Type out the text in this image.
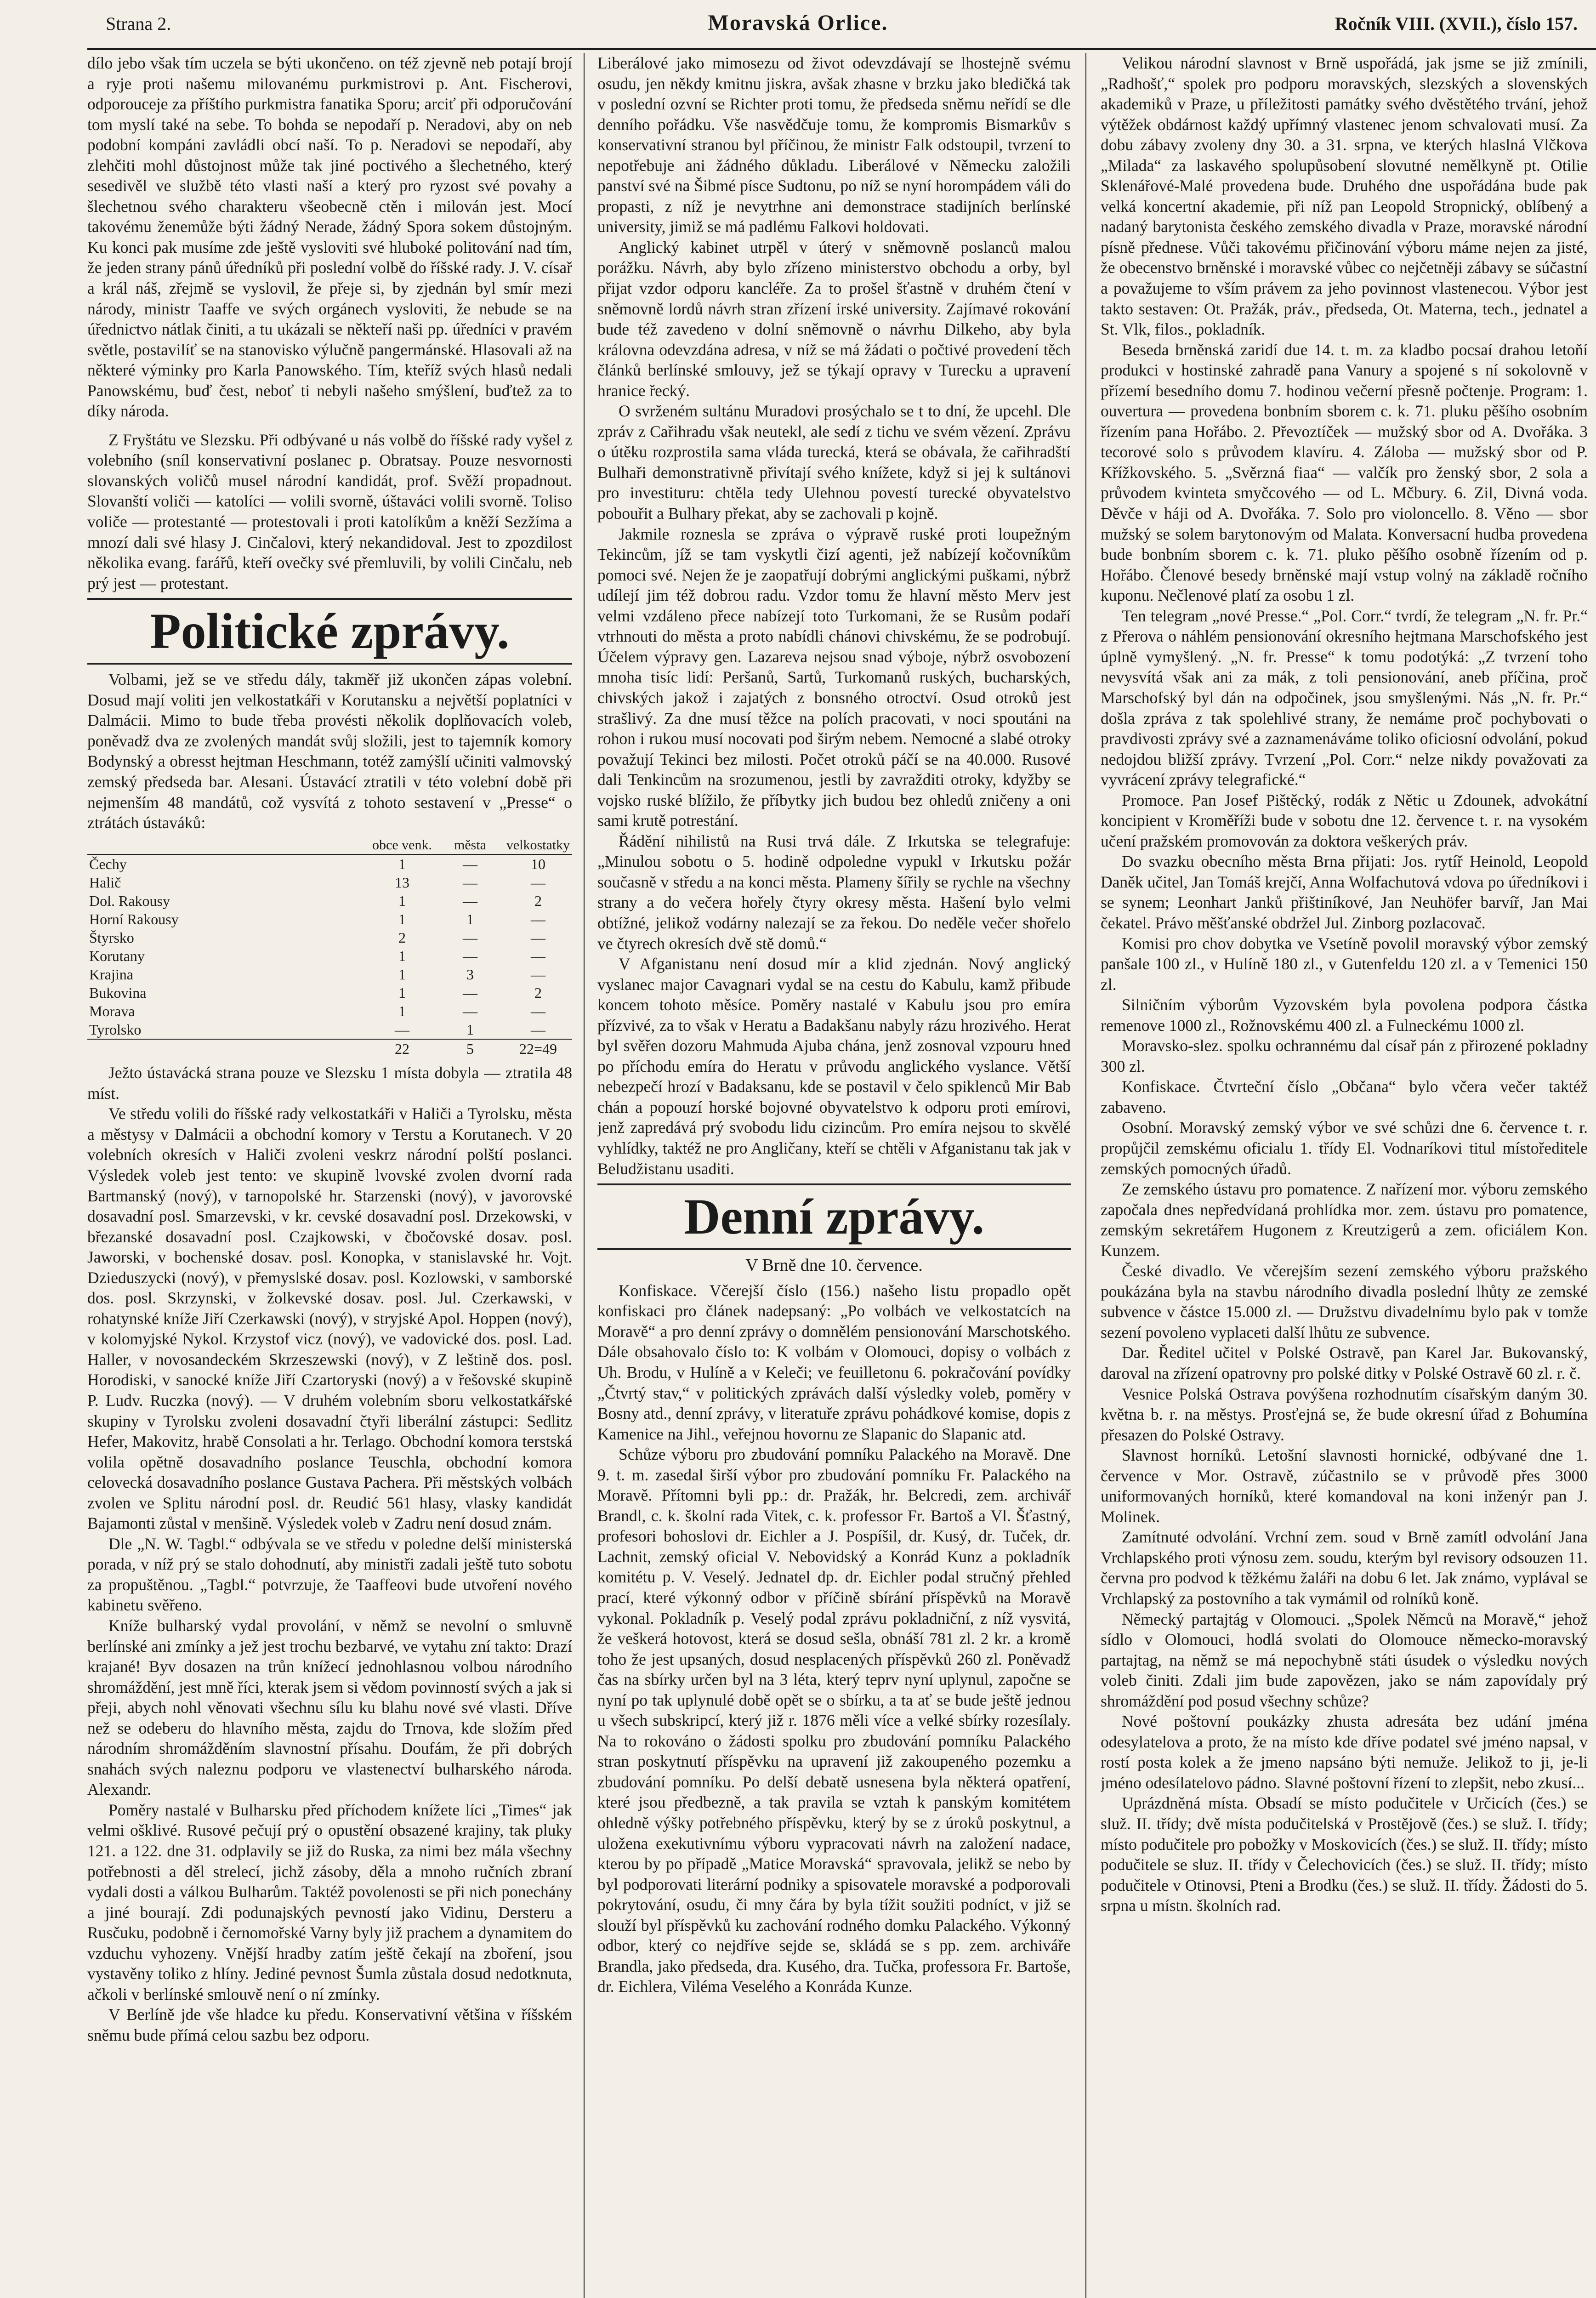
Strana 2.	Moravská Orlice.	Ročník VIII. (XVII.), číslo 157.

dílo jebo však tím uczela se býti ukončeno. on též zjevně neb potají brojí a ryje proti našemu milovanému purkmistrovi p. Ant. Fischerovi, odporouceje za příštího purkmistra fanatika Sporu; arciť při odporučování tom myslí také na sebe. To bohda se nepodaří p. Neradovi, aby on neb podobní kompáni zavládli obcí naší. To p. Neradovi se nepodaří, aby zlehčiti mohl důstojnost může tak jiné poctivého a šlechetného, který sesedivěl ve službě této vlasti naší a který pro ryzost své povahy a šlechetnou svého charakteru všeobecně ctěn i milován jest. Mocí takovému ženemůže býti žádný Nerade, žádný Spora sokem důstojným. Ku konci pak musíme zde ještě vysloviti své hluboké politování nad tím, že jeden strany pánů úředníků při poslední volbě do říšské rady. J. V. císař a král náš, zřejmě se vyslovil, že přeje si, by zjednán byl smír mezi národy, ministr Taaffe ve svých orgánech vysloviti, že nebude se na úřednictvo nátlak činiti, a tu ukázali se někteří naši pp. úředníci v pravém světle, postavilíť se na stanovisko výlučně pangermánské. Hlasovali až na některé výminky pro Karla Panowského. Tím, kteříž svých hlasů nedali Panowskému, buď čest, neboť ti nebyli našeho smýšlení, buďtež za to díky národa.

Z Fryštátu ve Slezsku. Při odbývané u nás volbě do říšské rady vyšel z volebního (sníl konservativní poslanec p. Obratsay. Pouze nesvornosti slovanských voličů musel národní kandidát, prof. Svěží propadnout. Slovanští voliči — katolíci — volili svorně, úštaváci volili svorně. Toliso voliče — protestanté — protestovali i proti katolíkům a kněží Sezžíma a mnozí dali své hlasy J. Cinčalovi, který nekandidoval. Jest to zpozdilost několika evang. farářů, kteří ovečky své přemluvili, by volili Cinčalu, neb prý jest — protestant.

Politické zprávy.

Volbami, jež se ve středu dály, takměř již ukončen zápas volební. Dosud mají voliti jen velkostatkáři v Korutansku a největší poplatníci v Dalmácii. Mimo to bude třeba provésti několik doplňovacích voleb, poněvadž dva ze zvolených mandát svůj složili, jest to tajemník komory Bodynský a obresst hejtman Heschmann, totéž zamýšlí učiniti valmovský zemský předseda bar. Alesani. Ústavácí ztratili v této volební době při nejmenším 48 mandátů, což vysvítá z tohoto sestavení v „Presse“ o ztrátách ústaváků:

	obce venk.	města	velkostatky
Čechy	1	—	10
Halič	13	—	—
Dol. Rakousy	1	—	2
Horní Rakousy	1	1	—
Štyrsko	2	—	—
Korutany	1	—	—
Krajina	1	3	—
Bukovina	1	—	2
Morava	1	—	—
Tyrolsko	—	1	—
	22	5	22=49

Ježto ústavácká strana pouze ve Slezsku 1 místa dobyla — ztratila 48 míst.

Ve středu volili do říšské rady velkostatkáři v Haliči a Tyrolsku, města a městysy v Dalmácii a obchodní komory v Terstu a Korutanech. V 20 volebních okresích v Haliči zvoleni veskrz národní polští poslanci. Výsledek voleb jest tento: ve skupině lvovské zvolen dvorní rada Bartmanský (nový), v tarnopolské hr. Starzenski (nový), v javorovské dosavadní posl. Smarzevski, v kr. cevské dosavadní posl. Drzekowski, v březanské dosavadní posl. Czajkowski, v čbočovské dosav. posl. Jaworski, v bochenské dosav. posl. Konopka, v stanislavské hr. Vojt. Dzieduszycki (nový), v přemyslské dosav. posl. Kozlowski, v samborské dos. posl. Skrzynski, v žolkevské dosav. posl. Jul. Czerkawski, v rohatynské kníže Jiří Czerkawski (nový), v stryjské Apol. Hoppen (nový), v kolomyjské Nykol. Krzystof vicz (nový), ve vadovické dos. posl. Lad. Haller, v novosandeckém Skrzeszewski (nový), v Z leštině dos. posl. Horodiski, v sanocké kníže Jiří Czartoryski (nový) a v řešovské skupině P. Ludv. Ruczka (nový). — V druhém volebním sboru velkostatkářské skupiny v Tyrolsku zvoleni dosavadní čtyři liberální zástupci: Sedlitz Hefer, Makovitz, hrabě Consolati a hr. Terlago. Obchodní komora terstská volila opětně dosavadního poslance Teuschla, obchodní komora celovecká dosavadního poslance Gustava Pachera. Při městských volbách zvolen ve Splitu národní posl. dr. Reudić 561 hlasy, vlasky kandidát Bajamonti zůstal v menšině. Výsledek voleb v Zadru není dosud znám.

Dle „N. W. Tagbl.“ odbývala se ve středu v poledne delší ministerská porada, v níž prý se stalo dohodnutí, aby ministři zadali ještě tuto sobotu za propuštěnou. „Tagbl.“ potvrzuje, že Taaffeovi bude utvoření nového kabinetu svěřeno.

Kníže bulharský vydal provolání, v němž se nevolní o smluvně berlínské ani zmínky a jež jest trochu bezbarvé, ve vytahu zní takto: Drazí krajané! Byv dosazen na trůn knížecí jednohlasnou volbou národního shromáždění, jest mně říci, kterak jsem si vědom povinností svých a jak si přeji, abych nohl věnovati všechnu sílu ku blahu nové své vlasti. Dříve než se odeberu do hlavního města, zajdu do Trnova, kde složím před národním shromážděním slavnostní přísahu. Doufám, že při dobrých snahách svých naleznu podporu ve vlastenectví bulharského národa. Alexandr.

Poměry nastalé v Bulharsku před příchodem knížete líci „Times“ jak velmi ošklivé. Rusové pečují prý o opustění obsazené krajiny, tak pluky 121. a 122. dne 31. odplavily se již do Ruska, za nimi bez mála všechny potřebnosti a děl strelecí, jichž zásoby, děla a mnoho ručních zbraní vydali dosti a válkou Bulharům. Taktéž povolenosti se při nich ponechány a jiné bourají. Zdi podunajských pevností jako Vidinu, Dersteru a Rusčuku, podobně i černomořské Varny byly již prachem a dynamitem do vzduchu vyhozeny. Vnější hradby zatím ještě čekají na zboření, jsou vystavěny toliko z hlíny. Jediné pevnost Šumla zůstala dosud nedotknuta, ačkoli v berlínské smlouvě není o ní zmínky.

V Berlíně jde vše hladce ku předu. Konservativní většina v říšském sněmu bude přímá celou sazbu bez odporu.

Liberálové jako mimosezu od život odevzdávají se lhostejně svému osudu, jen někdy kmitnu jiskra, avšak zhasne v brzku jako bledičká tak v poslední ozvní se Richter proti tomu, že předseda sněmu neřídí se dle denního pořádku. Vše nasvědčuje tomu, že kompromis Bismarkův s konservativní stranou byl příčinou, že ministr Falk odstoupil, tvrzení to nepotřebuje ani žádného důkladu. Liberálové v Německu založili panství své na Šibmé písce Sudtonu, po níž se nyní horompádem váli do propasti, z níž je nevytrhne ani demonstrace stadijních berlínské university, jimiž se má padlému Falkovi holdovati.

Anglický kabinet utrpěl v úterý v sněmovně poslanců malou porážku. Návrh, aby bylo zřízeno ministerstvo obchodu a orby, byl přijat vzdor odporu kancléře. Za to prošel šťastně v druhém čtení v sněmovně lordů návrh stran zřízení irské university. Zajímavé rokování bude též zavedeno v dolní sněmovně o návrhu Dilkeho, aby byla královna odevzdána adresa, v níž se má žádati o počtivé provedení těch článků berlínské smlouvy, jež se týkají opravy v Turecku a upravení hranice řecký.

O svrženém sultánu Muradovi prosýchalo se t to dní, že upcehl. Dle zpráv z Cařihradu však neutekl, ale sedí z tichu ve svém vězení. Zprávu o útěku rozprostila sama vláda turecká, která se obávala, že cařihradští Bulhaři demonstrativně přivítají svého knížete, když si jej k sultánovi pro investituru: chtěla tedy Ulehnou povestí turecké obyvatelstvo pobouřit a Bulhary překat, aby se zachovali p kojně.

Jakmile roznesla se zpráva o výpravě ruské proti loupežným Tekincům, jíž se tam vyskytli čizí agenti, jež nabízejí kočovníkům pomoci své. Nejen že je zaopatřují dobrými anglickými puškami, nýbrž udílejí jim též dobrou radu. Vzdor tomu že hlavní město Merv jest velmi vzdáleno přece nabízejí toto Turkomani, že se Rusům podaří vtrhnouti do města a proto nabídli chánovi chivskému, že se podrobují. Účelem výpravy gen. Lazareva nejsou snad výboje, nýbrž osvobození mnoha tisíc lidí: Peršanů, Sartů, Turkomanů ruských, bucharských, chivských jakož i zajatých z bonsného otroctví. Osud otroků jest strašlivý. Za dne musí těžce na polích pracovati, v noci spoutáni na rohon i rukou musí nocovati pod širým nebem. Nemocné a slabé otroky považují Tekinci bez milosti. Počet otroků páčí se na 40.000. Rusové dali Tenkincům na srozumenou, jestli by zavražditi otroky, kdyžby se vojsko ruské blížilo, že příbytky jich budou bez ohledů zničeny a oni sami krutě potrestání.

Řádění nihilistů na Rusi trvá dále. Z Irkutska se telegrafuje: „Minulou sobotu o 5. hodině odpoledne vypukl v Irkutsku požár současně v středu a na konci města. Plameny šířily se rychle na všechny strany a do večera hořely čtyry okresy města. Hašení bylo velmi obtížné, jelikož vodárny nalezají se za řekou. Do neděle večer shořelo ve čtyrech okresích dvě stě domů.“

V Afganistanu není dosud mír a klid zjednán. Nový anglický vyslanec major Cavagnari vydal se na cestu do Kabulu, kamž přibude koncem tohoto měsíce. Poměry nastalé v Kabulu jsou pro emíra přízvivé, za to však v Heratu a Badakšanu nabyly rázu hrozivého. Herat byl svěřen dozoru Mahmuda Ajuba chána, jenž zosnoval vzpouru hned po příchodu emíra do Heratu v průvodu anglického vyslance. Větší nebezpečí hrozí v Badaksanu, kde se postavil v čelo spiklenců Mir Bab chán a popouzí horské bojovné obyvatelstvo k odporu proti emírovi, jenž zapredává prý svobodu lidu cizincům. Pro emíra nejsou to skvělé vyhlídky, taktéž ne pro Angličany, kteří se chtěli v Afganistanu tak jak v Beludžistanu usaditi.

Denní zprávy.
V Brně dne 10. července.

Konfiskace. Včerejší číslo (156.) našeho listu propadlo opět konfiskaci pro článek nadepsaný: „Po volbách ve velkostatcích na Moravě“ a pro denní zprávy o domnělém pensionování Marschotského. Dále obsahovalo číslo to: K volbám v Olomouci, dopisy o volbách z Uh. Brodu, v Hulíně a v Keleči; ve feuilletonu 6. pokračování povídky „Čtvrtý stav,“ v politických zprávách další výsledky voleb, poměry v Bosny atd., denní zprávy, v literatuře zprávu pohádkové komise, dopis z Kamenice na Jihl., veřejnou hovornu ze Slapanic do Slapanic atd.

Schůze výboru pro zbudování pomníku Palackého na Moravě. Dne 9. t. m. zasedal širší výbor pro zbudování pomníku Fr. Palackého na Moravě. Přítomni byli pp.: dr. Pražák, hr. Belcredi, zem. archivář Brandl, c. k. školní rada Vitek, c. k. professor Fr. Bartoš a Vl. Šťastný, profesori bohoslovi dr. Eichler a J. Pospíšil, dr. Kusý, dr. Tuček, dr. Lachnit, zemský oficial V. Nebovidský a Konrád Kunz a pokladník komitétu p. V. Veselý. Jednatel dp. dr. Eichler podal stručný přehled prací, které výkonný odbor v příčině sbírání příspěvků na Moravě vykonal. Pokladník p. Veselý podal zprávu pokladniční, z níž vysvitá, že veškerá hotovost, která se dosud sešla, obnáší 781 zl. 2 kr. a kromě toho že jest upsaných, dosud nesplacených příspěvků 260 zl. Poněvadž čas na sbírky určen byl na 3 léta, který teprv nyní uplynul, započne se nyní po tak uplynulé době opět se o sbírku, a ta ať se bude ještě jednou u všech subskripcí, který již r. 1876 měli více a velké sbírky rozesílaly. Na to rokováno o žádosti spolku pro zbudování pomníku Palackého stran poskytnutí příspěvku na upravení již zakoupeného pozemku a zbudování pomníku. Po delší debatě usnesena byla některá opatření, které jsou předbezně, a tak pravila se vztah k panským komitétem ohledně výšky potřebného příspěvku, který by se z úroků poskytnul, a uložena exekutivnímu výboru vypracovati návrh na založení nadace, kterou by po případě „Matice Moravská“ spravovala, jelikž se nebo by byl podporovati literární podniky a spisovatele moravské a podporovali pokrytování, osudu, či mny čára by byla tížit soužiti podníct, v již se slouží byl příspěvků ku zachování rodného domku Palackého. Výkonný odbor, který co nejdříve sejde se, skládá se s pp. zem. archiváře Brandla, jako předseda, dra. Kusého, dra. Tučka, professora Fr. Bartoše, dr. Eichlera, Viléma Veselého a Konráda Kunze.

Velikou národní slavnost v Brně uspořádá, jak jsme se již zmínili, „Radhošť,“ spolek pro podporu moravských, slezských a slovenských akademiků v Praze, u příležitosti památky svého dvěstětého trvání, jehož výtěžek obdárnost každý upřímný vlastenec jenom schvalovati musí. Za dobu zábavy zvoleny dny 30. a 31. srpna, ve kterých hlaslná Vlčkova „Milada“ za laskavého spolupůsobení slovutné nemělkyně pt. Otilie Sklenářové-Malé provedena bude. Druhého dne uspořádána bude pak velká koncertní akademie, při níž pan Leopold Stropnický, oblíbený a nadaný barytonista českého zemského divadla v Praze, moravské národní písně přednese. Vůči takovému přičinování výboru máme nejen za jisté, že obecenstvo brněnské i moravské vůbec co nejčetněji zábavy se súčastní a považujeme to vším právem za jeho povinnost vlastenecou. Výbor jest takto sestaven: Ot. Pražák, práv., předseda, Ot. Materna, tech., jednatel a St. Vlk, filos., pokladník.

Beseda brněnská zaridí due 14. t. m. za kladbo pocsaí drahou letoňí produkci v hostinské zahradě pana Vanury a spojené s ní sokolovně v přízemí besedního domu 7. hodinou večerní přesně počtenje. Program: 1. ouvertura — provedena bonbním sborem c. k. 71. pluku pěšího osobním řízením pana Hořábo. 2. Převoztíček — mužský sbor od A. Dvořáka. 3 tecorové solo s průvodem klavíru. 4. Záloba — mužský sbor od P. Křížkovského. 5. „Svěrzná fiaa“ — valčík pro ženský sbor, 2 sola a průvodem kvinteta smyčcového — od L. Mčbury. 6. Zil, Divná voda. Děvče v háji od A. Dvořáka. 7. Solo pro violoncello. 8. Věno — sbor mužský se solem barytonovým od Malata. Konversacní hudba provedena bude bonbním sborem c. k. 71. pluko pěšího osobně řízením od p. Hořábo. Členové besedy brněnské mají vstup volný na základě ročního kuponu. Nečlenové platí za osobu 1 zl.

Ten telegram „nové Presse.“ „Pol. Corr.“ tvrdí, že telegram „N. fr. Pr.“ z Přerova o náhlém pensionování okresního hejtmana Marschofského jest úplně vymyšlený. „N. fr. Presse“ k tomu podotýká: „Z tvrzení toho nevysvítá však ani za mák, z toli pensionování, aneb příčina, proč Marschofský byl dán na odpočinek, jsou smyšlenými. Nás „N. fr. Pr.“ došla zpráva z tak spolehlivé strany, že nemáme proč pochybovati o pravdivosti zprávy své a zaznamenáváme toliko oficiosní odvolání, pokud nedojdou bližší zprávy. Tvrzení „Pol. Corr.“ nelze nikdy považovati za vyvrácení zprávy telegrafické.“

Promoce. Pan Josef Pištěcký, rodák z Nětic u Zdounek, advokátní koncipient v Kroměříži bude v sobotu dne 12. července t. r. na vysokém učení pražském promovován za doktora veškerých práv.

Do svazku obecního města Brna přijati: Jos. rytíř Heinold, Leopold Daněk učitel, Jan Tomáš krejčí, Anna Wolfachutová vdova po úředníkovi i se synem; Leonhart Janků přištiníkové, Jan Neuhöfer barvíř, Jan Mai čekatel. Právo měšťanské obdržel Jul. Zinborg pozlacovač.

Komisi pro chov dobytka ve Vsetíně povolil moravský výbor zemský panšale 100 zl., v Hulíně 180 zl., v Gutenfeldu 120 zl. a v Temenici 150 zl.

Silničním výborům Vyzovském byla povolena podpora částka remenove 1000 zl., Rožnovskému 400 zl. a Fulneckému 1000 zl.

Moravsko-slez. spolku ochrannému dal císař pán z přirozené pokladny 300 zl.

Konfiskace. Čtvrteční číslo „Občana“ bylo včera večer taktéž zabaveno.

Osobní. Moravský zemský výbor ve své schůzi dne 6. července t. r. propůjčil zemskému oficialu 1. třídy El. Vodnaríkovi titul místoředitele zemských pomocných úřadů.

Ze zemského ústavu pro pomatence. Z nařízení mor. výboru zemského započala dnes nepředvídaná prohlídka mor. zem. ústavu pro pomatence, zemským sekretářem Hugonem z Kreutzigerů a zem. oficiálem Kon. Kunzem.

České divadlo. Ve včerejším sezení zemského výboru pražského poukázána byla na stavbu národního divadla poslední lhůty ze zemské subvence v částce 15.000 zl. — Družstvu divadelnímu bylo pak v tomže sezení povoleno vyplaceti další lhůtu ze subvence.

Dar. Ředitel učitel v Polské Ostravě, pan Karel Jar. Bukovanský, daroval na zřízení opatrovny pro polské ditky v Polské Ostravě 60 zl. r. č.

Vesnice Polská Ostrava povýšena rozhodnutím císařským daným 30. května b. r. na městys. Prosťejná se, že bude okresní úřad z Bohumína přesazen do Polské Ostravy.

Slavnost horníků. Letošní slavnosti hornické, odbývané dne 1. července v Mor. Ostravě, zúčastnilo se v průvodě přes 3000 uniformovaných horníků, které komandoval na koni inženýr pan J. Molinek.

Zamítnuté odvolání. Vrchní zem. soud v Brně zamítl odvolání Jana Vrchlapského proti výnosu zem. soudu, kterým byl revisory odsouzen 11. června pro podvod k těžkému žaláři na dobu 6 let. Jak známo, vyplával se Vrchlapský za postovního a tak vymámil od rolníků koně.

Německý partajtág v Olomouci. „Spolek Němců na Moravě,“ jehož sídlo v Olomouci, hodlá svolati do Olomouce německo-moravský partajtag, na němž se má nepochybně státi úsudek o výsledku nových voleb činiti. Zdali jim bude zapovězen, jako se nám zapovídaly prý shromáždění pod posud všechny schůze?

Nové poštovní poukázky zhusta adresáta bez udání jména odesylatelova a proto, že na místo kde dříve podatel své jméno napsal, v rostí posta kolek a že jmeno napsáno býti nemuže. Jelikož to ji, je-li jméno odesílatelovo pádno. Slavné poštovní řízení to zlepšit, nebo zkusí...

Uprázdněná místa. Obsadí se místo podučitele v Určicích (čes.) se služ. II. třídy; dvě místa podučitelská v Prostějově (čes.) se služ. I. třídy; místo podučitele pro pobožky v Moskovicích (čes.) se služ. II. třídy; místo podučitele se sluz. II. třídy v Čelechovicích (čes.) se služ. II. třídy; místo podučitele v Otinovsi, Pteni a Brodku (čes.) se služ. II. třídy. Žádosti do 5. srpna u místn. školních rad.
